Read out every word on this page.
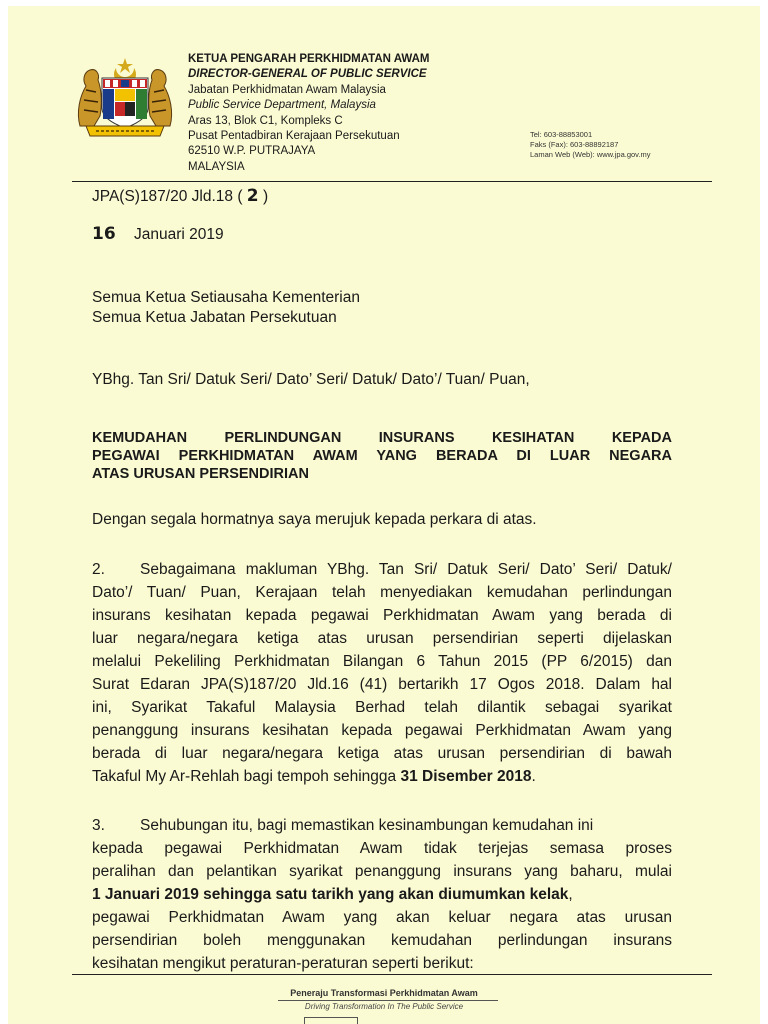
KETUA PENGARAH PERKHIDMATAN AWAM
DIRECTOR-GENERAL OF PUBLIC SERVICE
Jabatan Perkhidmatan Awam Malaysia
Public Service Department, Malaysia
Aras 13, Blok C1, Kompleks C
Pusat Pentadbiran Kerajaan Persekutuan
62510 W.P. PUTRAJAYA
MALAYSIA
Tel: 603-88853001
Faks (Fax): 603-88892187
Laman Web (Web): www.jpa.gov.my
JPA(S)187/20 Jld.18 ( 2 )
16 Januari 2019
Semua Ketua Setiausaha Kementerian
Semua Ketua Jabatan Persekutuan
YBhg. Tan Sri/ Datuk Seri/ Dato’ Seri/ Datuk/ Dato’/ Tuan/ Puan,
KEMUDAHAN PERLINDUNGAN INSURANS KESIHATAN KEPADA
PEGAWAI PERKHIDMATAN AWAM YANG BERADA DI LUAR NEGARA
ATAS URUSAN PERSENDIRIAN
Dengan segala hormatnya saya merujuk kepada perkara di atas.
2. Sebagaimana makluman YBhg. Tan Sri/ Datuk Seri/ Dato’ Seri/ Datuk/
Dato’/ Tuan/ Puan, Kerajaan telah menyediakan kemudahan perlindungan
insurans kesihatan kepada pegawai Perkhidmatan Awam yang berada di
luar negara/negara ketiga atas urusan persendirian seperti dijelaskan
melalui Pekeliling Perkhidmatan Bilangan 6 Tahun 2015 (PP 6/2015) dan
Surat Edaran JPA(S)187/20 Jld.16 (41) bertarikh 17 Ogos 2018. Dalam hal
ini, Syarikat Takaful Malaysia Berhad telah dilantik sebagai syarikat
penanggung insurans kesihatan kepada pegawai Perkhidmatan Awam yang
berada di luar negara/negara ketiga atas urusan persendirian di bawah
Takaful My Ar-Rehlah bagi tempoh sehingga 31 Disember 2018.
3. Sehubungan itu, bagi memastikan kesinambungan kemudahan ini
kepada pegawai Perkhidmatan Awam tidak terjejas semasa proses
peralihan dan pelantikan syarikat penanggung insurans yang baharu, mulai
1 Januari 2019 sehingga satu tarikh yang akan diumumkan kelak,
pegawai Perkhidmatan Awam yang akan keluar negara atas urusan
persendirian boleh menggunakan kemudahan perlindungan insurans
kesihatan mengikut peraturan-peraturan seperti berikut:
Peneraju Transformasi Perkhidmatan Awam
Driving Transformation In The Public Service
